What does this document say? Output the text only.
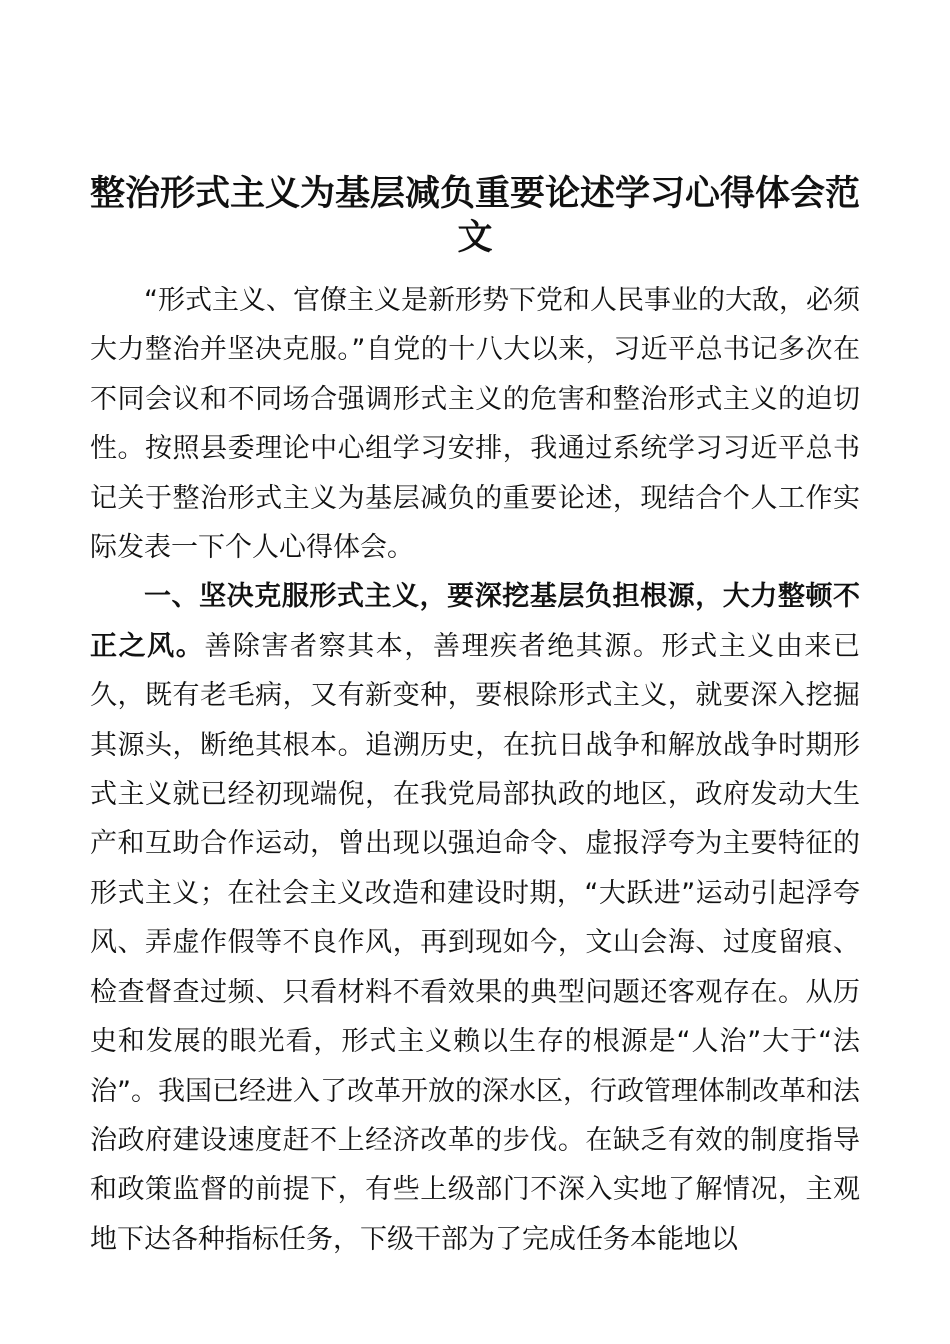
整治形式主义为基层减负重要论述学习心得体会范文

“形式主义、官僚主义是新形势下党和人民事业的大敌，必须大力整治并坚决克服。”自党的十八大以来，习近平总书记多次在不同会议和不同场合强调形式主义的危害和整治形式主义的迫切性。按照县委理论中心组学习安排，我通过系统学习习近平总书记关于整治形式主义为基层减负的重要论述，现结合个人工作实际发表一下个人心得体会。

一、坚决克服形式主义，要深挖基层负担根源，大力整顿不正之风。善除害者察其本，善理疾者绝其源。形式主义由来已久，既有老毛病，又有新变种，要根除形式主义，就要深入挖掘其源头，断绝其根本。追溯历史，在抗日战争和解放战争时期形式主义就已经初现端倪，在我党局部执政的地区，政府发动大生产和互助合作运动，曾出现以强迫命令、虚报浮夸为主要特征的形式主义；在社会主义改造和建设时期，“大跃进”运动引起浮夸风、弄虚作假等不良作风，再到现如今，文山会海、过度留痕、检查督查过频、只看材料不看效果的典型问题还客观存在。从历史和发展的眼光看，形式主义赖以生存的根源是“人治”大于“法治”。我国已经进入了改革开放的深水区，行政管理体制改革和法治政府建设速度赶不上经济改革的步伐。在缺乏有效的制度指导和政策监督的前提下，有些上级部门不深入实地了解情况，主观地下达各种指标任务，下级干部为了完成任务本能地以
